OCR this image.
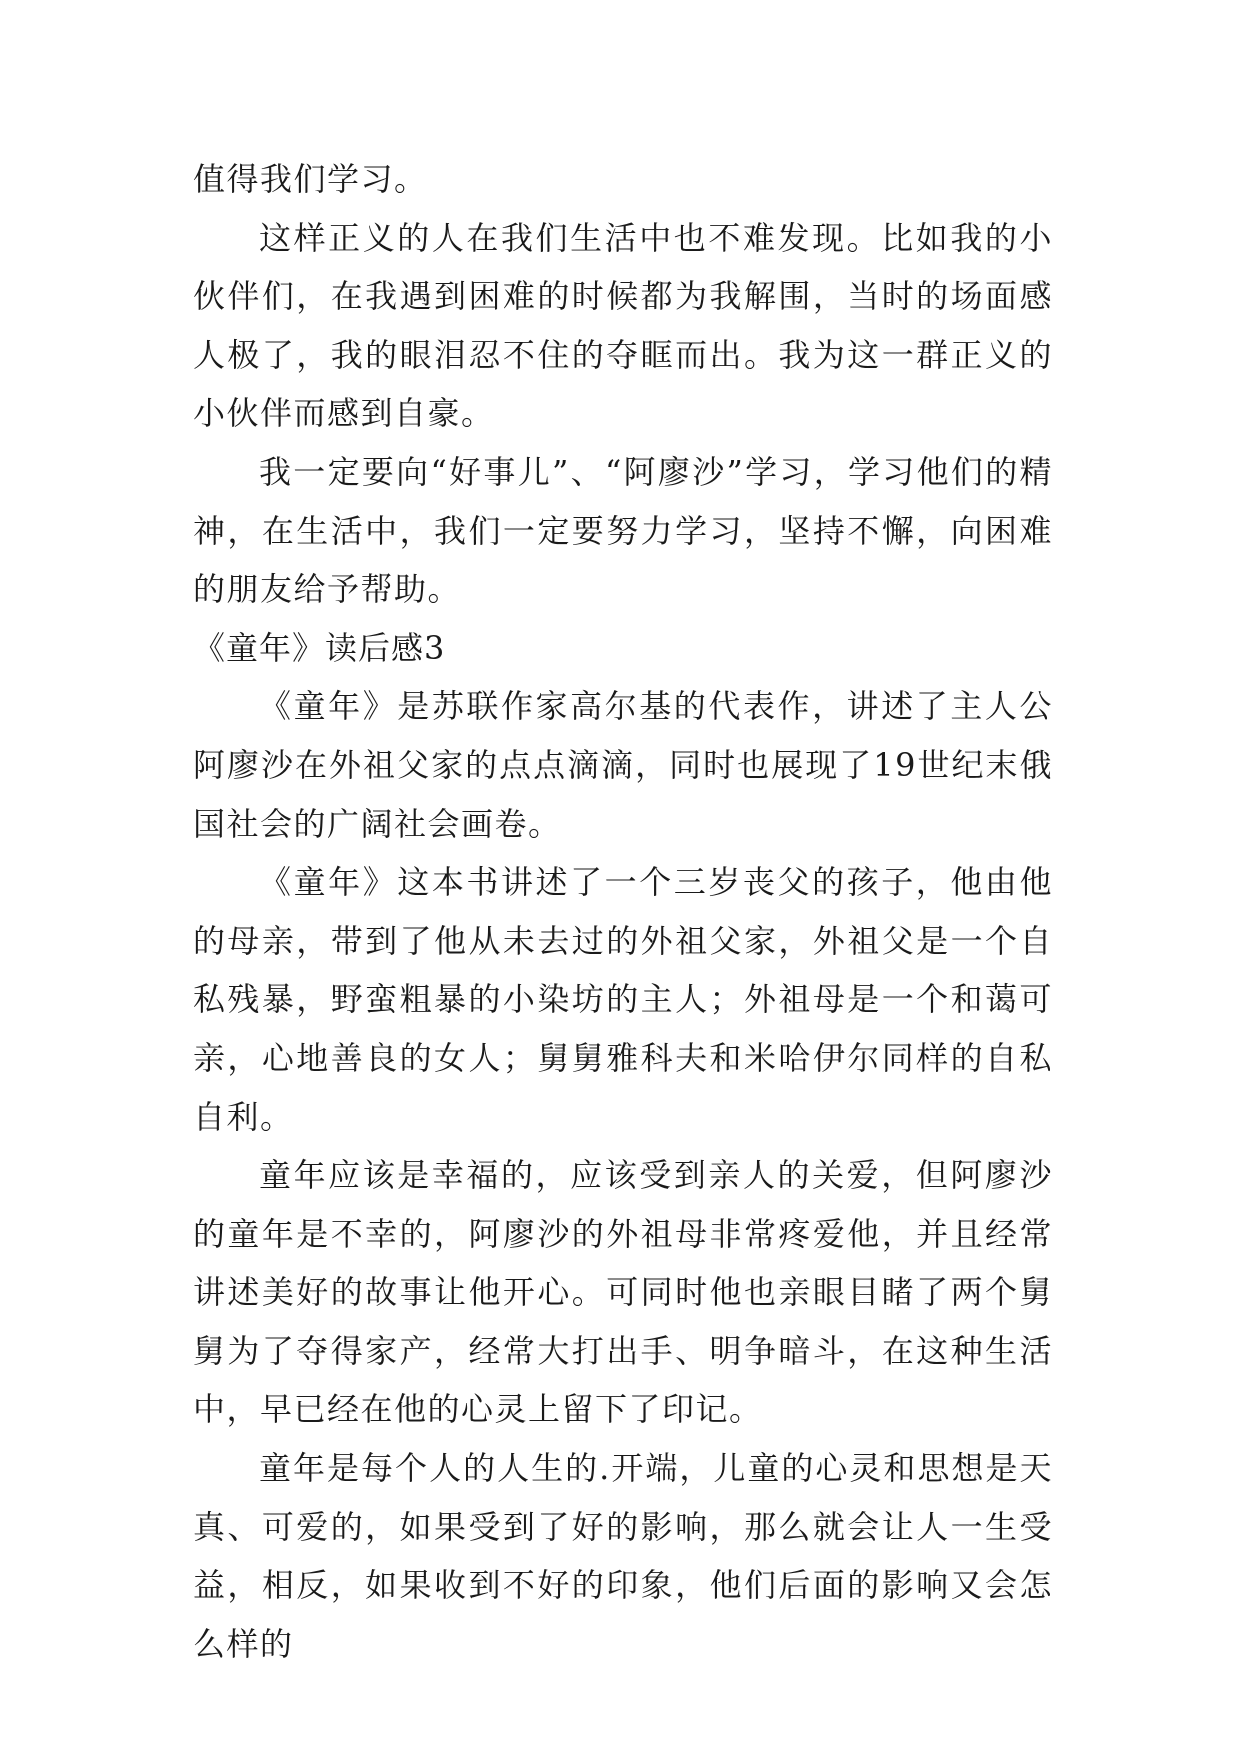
值得我们学习。

这样正义的人在我们生活中也不难发现。比如我的小伙伴们，在我遇到困难的时候都为我解围，当时的场面感人极了，我的眼泪忍不住的夺眶而出。我为这一群正义的小伙伴而感到自豪。

我一定要向“好事儿”、“阿廖沙”学习，学习他们的精神，在生活中，我们一定要努力学习，坚持不懈，向困难的朋友给予帮助。

《童年》读后感3

《童年》是苏联作家高尔基的代表作，讲述了主人公阿廖沙在外祖父家的点点滴滴，同时也展现了19世纪末俄国社会的广阔社会画卷。

《童年》这本书讲述了一个三岁丧父的孩子，他由他的母亲，带到了他从未去过的外祖父家，外祖父是一个自私残暴，野蛮粗暴的小染坊的主人；外祖母是一个和蔼可亲，心地善良的女人；舅舅雅科夫和米哈伊尔同样的自私自利。

童年应该是幸福的，应该受到亲人的关爱，但阿廖沙的童年是不幸的，阿廖沙的外祖母非常疼爱他，并且经常讲述美好的故事让他开心。可同时他也亲眼目睹了两个舅舅为了夺得家产，经常大打出手、明争暗斗，在这种生活中，早已经在他的心灵上留下了印记。

童年是每个人的人生的.开端，儿童的心灵和思想是天真、可爱的，如果受到了好的影响，那么就会让人一生受益，相反，如果收到不好的印象，他们后面的影响又会怎么样的
